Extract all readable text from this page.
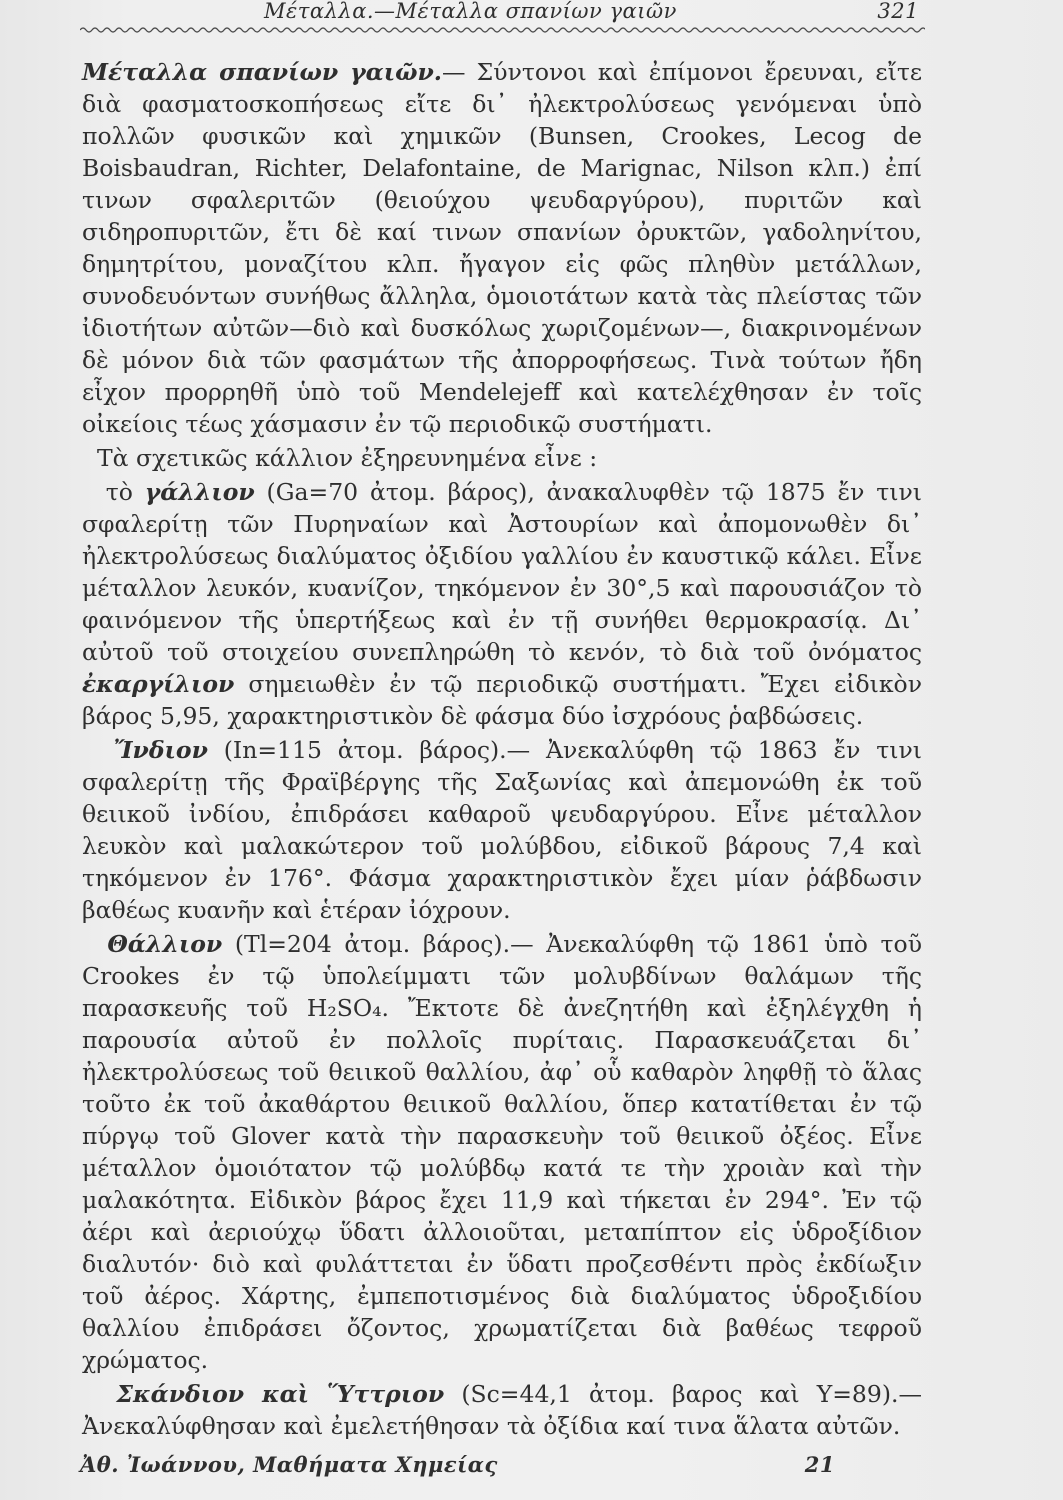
Μέταλλα.—Μέταλλα σπανίων γαιῶν	321

Μέταλλα σπανίων γαιῶν.— Σύντονοι καὶ ἐπίμονοι ἔρευναι, εἴτε διὰ φασματοσκοπήσεως εἴτε δι᾽ ἠλεκτρολύσεως γενόμεναι ὑπὸ πολλῶν φυσικῶν καὶ χημικῶν (Bunsen, Crookes, Lecog de Boisbaudran, Richter, Delafontaine, de Marignac, Nilson κλπ.) ἐπί τινων σφαλεριτῶν (θειούχου ψευδαργύρου), πυριτῶν καὶ σιδηροπυριτῶν, ἔτι δὲ καί τινων σπανίων ὀρυκτῶν, γαδοληνίτου, δημητρίτου, μοναζίτου κλπ. ἤγαγον εἰς φῶς πληθὺν μετάλλων, συνοδευόντων συνήθως ἄλληλα, ὁμοιοτάτων κατὰ τὰς πλείστας τῶν ἰδιοτήτων αὐτῶν—διὸ καὶ δυσκόλως χωριζομένων—, διακρινομένων δὲ μόνον διὰ τῶν φασμάτων τῆς ἀπορροφήσεως. Τινὰ τούτων ἤδη εἶχον προρρηθῆ ὑπὸ τοῦ Mendelejeff καὶ κατελέχθησαν ἐν τοῖς οἰκείοις τέως χάσμασιν ἐν τῷ περιοδικῷ συστήματι.

Τὰ σχετικῶς κάλλιον ἐξηρευνημένα εἶνε :

τὸ γάλλιον (Ga=70 ἀτομ. βάρος), ἀνακαλυφθὲν τῷ 1875 ἔν τινι σφαλερίτῃ τῶν Πυρηναίων καὶ Ἀστουρίων καὶ ἀπομονωθὲν δι᾽ ἠλεκτρολύσεως διαλύματος ὀξιδίου γαλλίου ἐν καυστικῷ κάλει. Εἶνε μέταλλον λευκόν, κυανίζον, τηκόμενον ἐν 30°,5 καὶ παρουσιάζον τὸ φαινόμενον τῆς ὑπερτήξεως καὶ ἐν τῇ συνήθει θερμοκρασίᾳ. Δι᾽ αὐτοῦ τοῦ στοιχείου συνεπληρώθη τὸ κενόν, τὸ διὰ τοῦ ὀνόματος ἐκαργίλιον σημειωθὲν ἐν τῷ περιοδικῷ συστήματι. Ἔχει εἰδικὸν βάρος 5,95, χαρακτηριστικὸν δὲ φάσμα δύο ἰσχρόους ῥαβδώσεις.

Ἴνδιον (In=115 ἀτομ. βάρος).— Ἀνεκαλύφθη τῷ 1863 ἔν τινι σφαλερίτῃ τῆς Φραϊβέργης τῆς Σαξωνίας καὶ ἀπεμονώθη ἐκ τοῦ θειικοῦ ἰνδίου, ἐπιδράσει καθαροῦ ψευδαργύρου. Εἶνε μέταλλον λευκὸν καὶ μαλακώτερον τοῦ μολύβδου, εἰδικοῦ βάρους 7,4 καὶ τηκόμενον ἐν 176°. Φάσμα χαρακτηριστικὸν ἔχει μίαν ῥάβδωσιν βαθέως κυανῆν καὶ ἑτέραν ἰόχρουν.

Θάλλιον (Tl=204 ἀτομ. βάρος).— Ἀνεκαλύφθη τῷ 1861 ὑπὸ τοῦ Crookes ἐν τῷ ὑπολείμματι τῶν μολυβδίνων θαλάμων τῆς παρασκευῆς τοῦ H₂SO₄. Ἔκτοτε δὲ ἀνεζητήθη καὶ ἐξηλέγχθη ἡ παρουσία αὐτοῦ ἐν πολλοῖς πυρίταις. Παρασκευάζεται δι᾽ ἠλεκτρολύσεως τοῦ θειικοῦ θαλλίου, ἀφ᾽ οὗ καθαρὸν ληφθῇ τὸ ἅλας τοῦτο ἐκ τοῦ ἀκαθάρτου θειικοῦ θαλλίου, ὅπερ κατατίθεται ἐν τῷ πύργῳ τοῦ Glover κατὰ τὴν παρασκευὴν τοῦ θειικοῦ ὀξέος. Εἶνε μέταλλον ὁμοιότατον τῷ μολύβδῳ κατά τε τὴν χροιὰν καὶ τὴν μαλακότητα. Εἰδικὸν βάρος ἔχει 11,9 καὶ τήκεται ἐν 294°. Ἐν τῷ ἀέρι καὶ ἀεριούχῳ ὕδατι ἀλλοιοῦται, μεταπίπτον εἰς ὑδροξίδιον διαλυτόν· διὸ καὶ φυλάττεται ἐν ὕδατι προζεσθέντι πρὸς ἐκδίωξιν τοῦ ἀέρος. Χάρτης, ἐμπεποτισμένος διὰ διαλύματος ὑδροξιδίου θαλλίου ἐπιδράσει ὄζοντος, χρωματίζεται διὰ βαθέως τεφροῦ χρώματος.

Σκάνδιον καὶ Ὕττριον (Sc=44,1 ἀτομ. βαρος καὶ Y=89).— Ἀνεκαλύφθησαν καὶ ἐμελετήθησαν τὰ ὀξίδια καί τινα ἅλατα αὐτῶν.

Ἀθ. Ἰωάννου, Μαθήματα Χημείας	21
